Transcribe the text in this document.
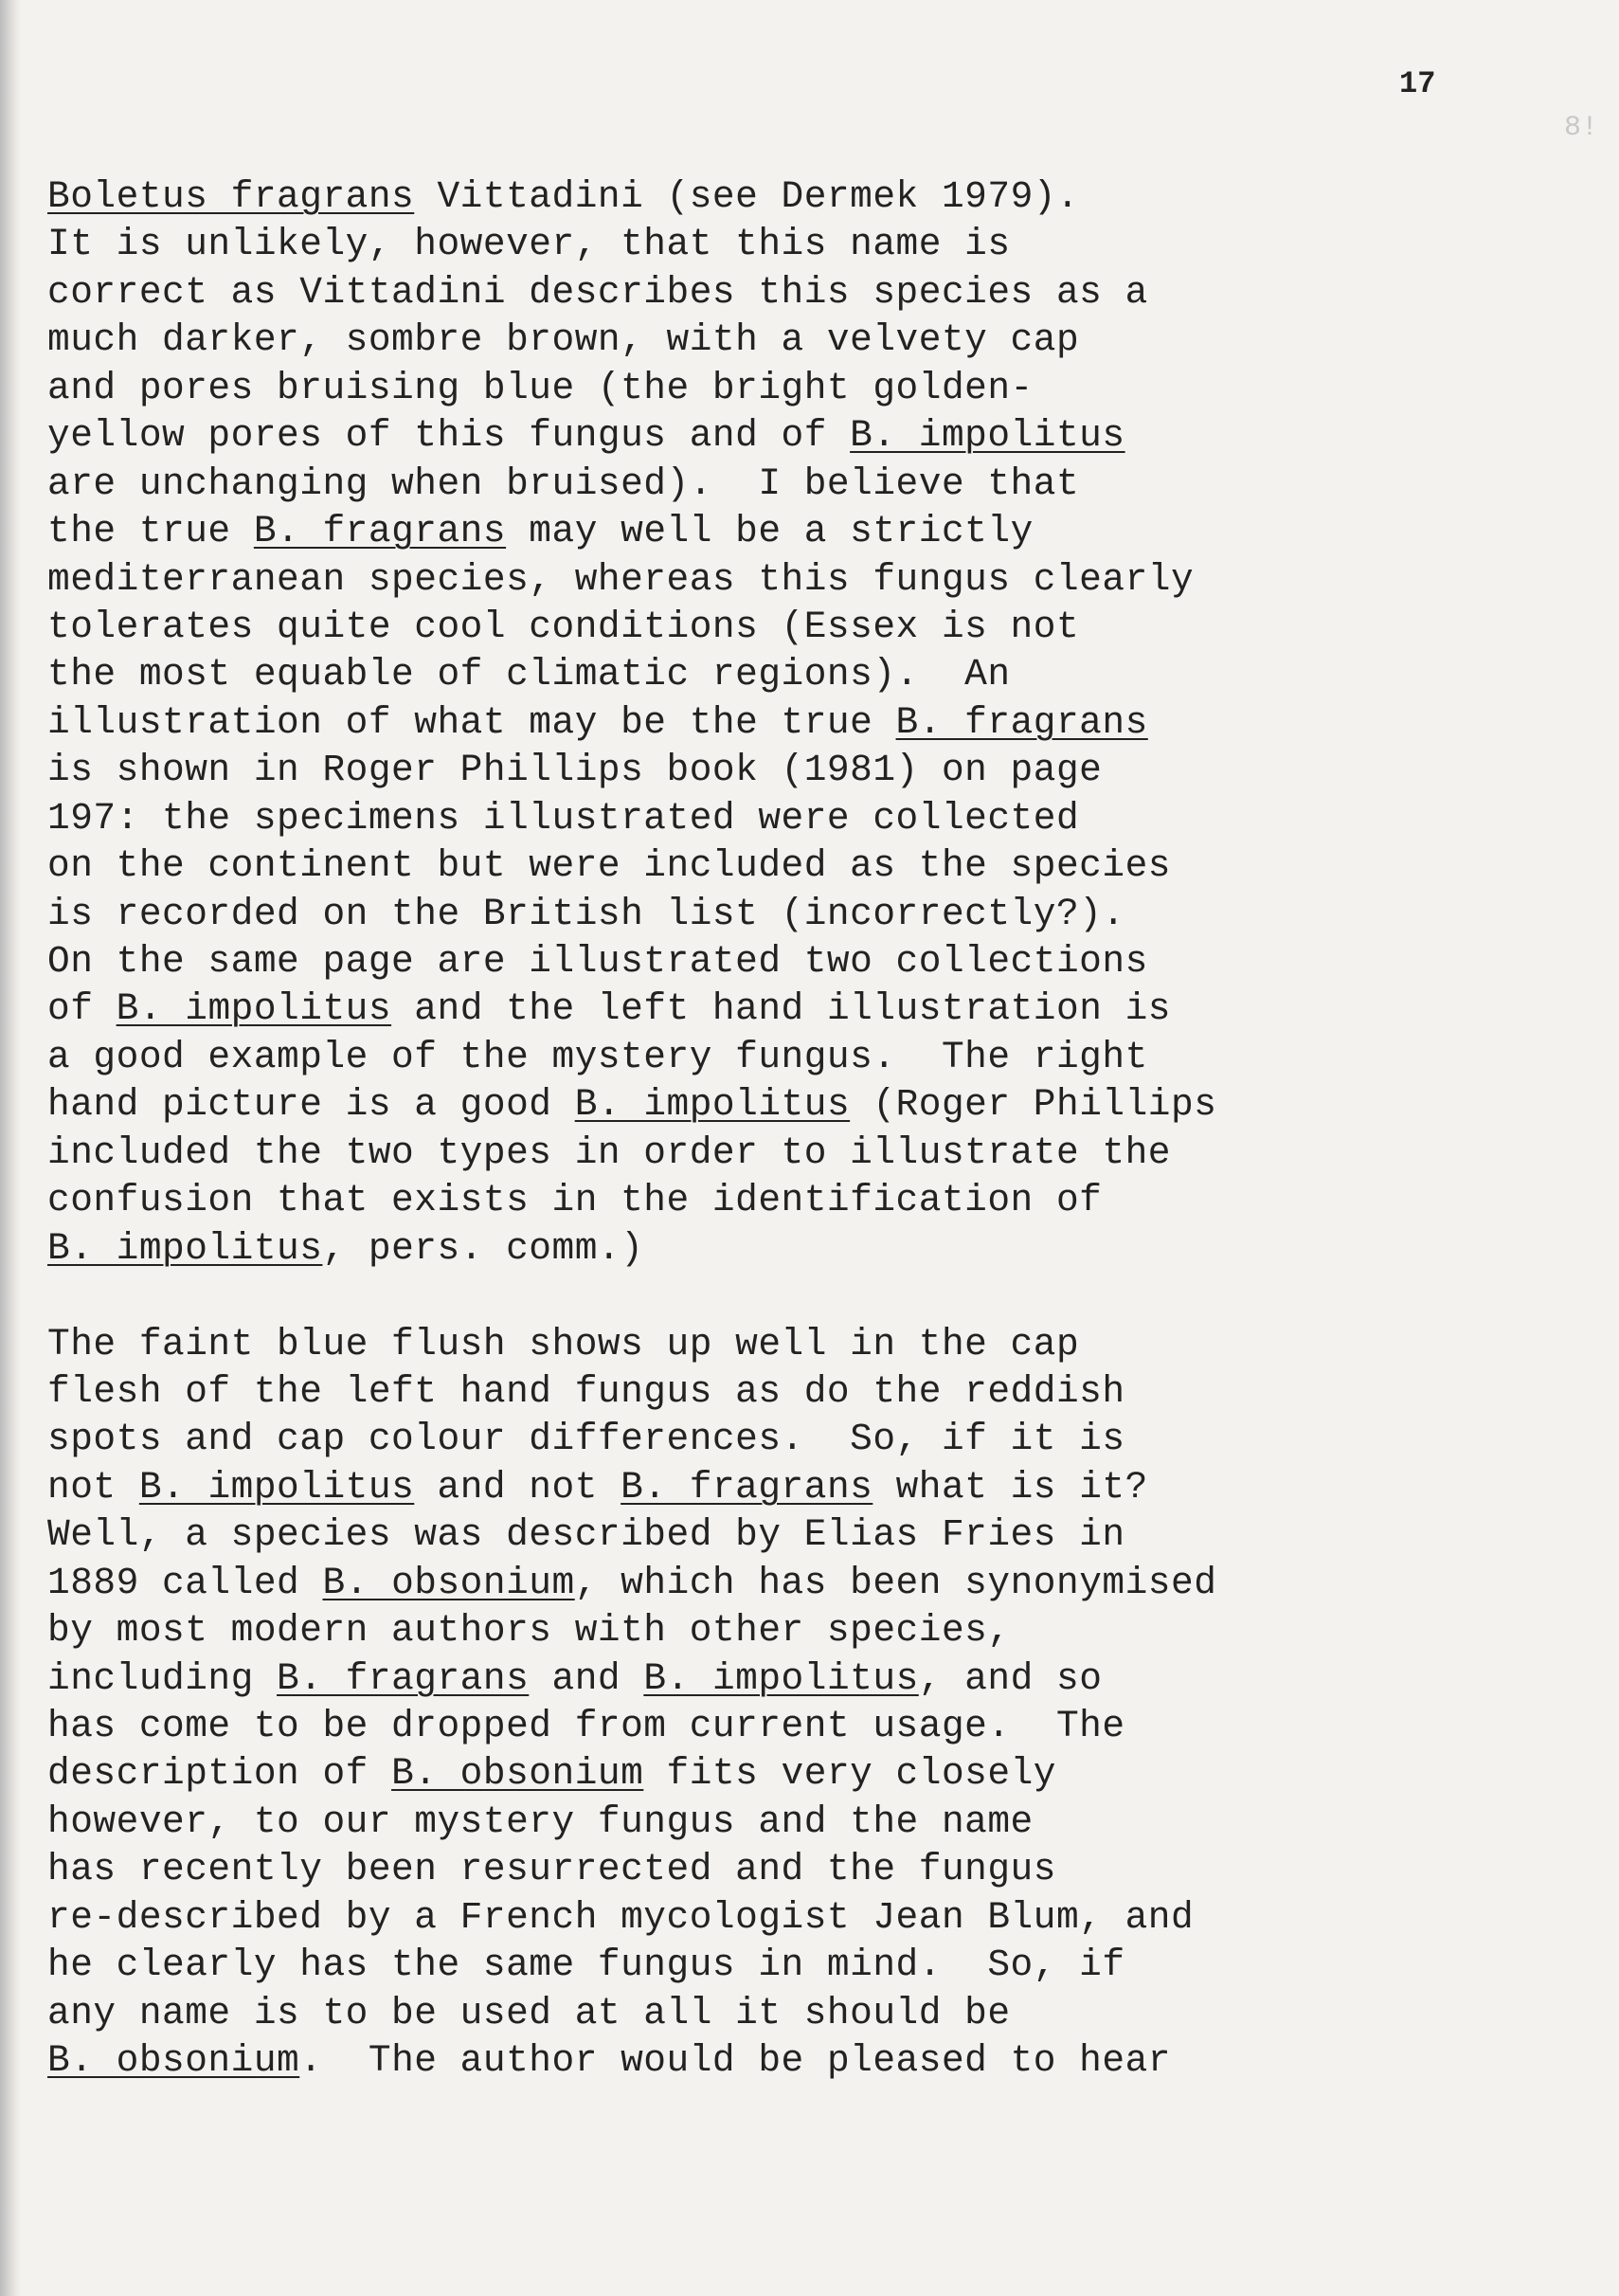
8!
17
Boletus fragrans Vittadini (see Dermek 1979).
It is unlikely, however, that this name is
correct as Vittadini describes this species as a
much darker, sombre brown, with a velvety cap
and pores bruising blue (the bright golden-
yellow pores of this fungus and of B. impolitus
are unchanging when bruised).  I believe that
the true B. fragrans may well be a strictly
mediterranean species, whereas this fungus clearly
tolerates quite cool conditions (Essex is not
the most equable of climatic regions).  An
illustration of what may be the true B. fragrans
is shown in Roger Phillips book (1981) on page
197: the specimens illustrated were collected
on the continent but were included as the species
is recorded on the British list (incorrectly?).
On the same page are illustrated two collections
of B. impolitus and the left hand illustration is
a good example of the mystery fungus.  The right
hand picture is a good B. impolitus (Roger Phillips
included the two types in order to illustrate the
confusion that exists in the identification of
B. impolitus, pers. comm.)
The faint blue flush shows up well in the cap
flesh of the left hand fungus as do the reddish
spots and cap colour differences.  So, if it is
not B. impolitus and not B. fragrans what is it?
Well, a species was described by Elias Fries in
1889 called B. obsonium, which has been synonymised
by most modern authors with other species,
including B. fragrans and B. impolitus, and so
has come to be dropped from current usage.  The
description of B. obsonium fits very closely
however, to our mystery fungus and the name
has recently been resurrected and the fungus
re-described by a French mycologist Jean Blum, and
he clearly has the same fungus in mind.  So, if
any name is to be used at all it should be
B. obsonium.  The author would be pleased to hear
